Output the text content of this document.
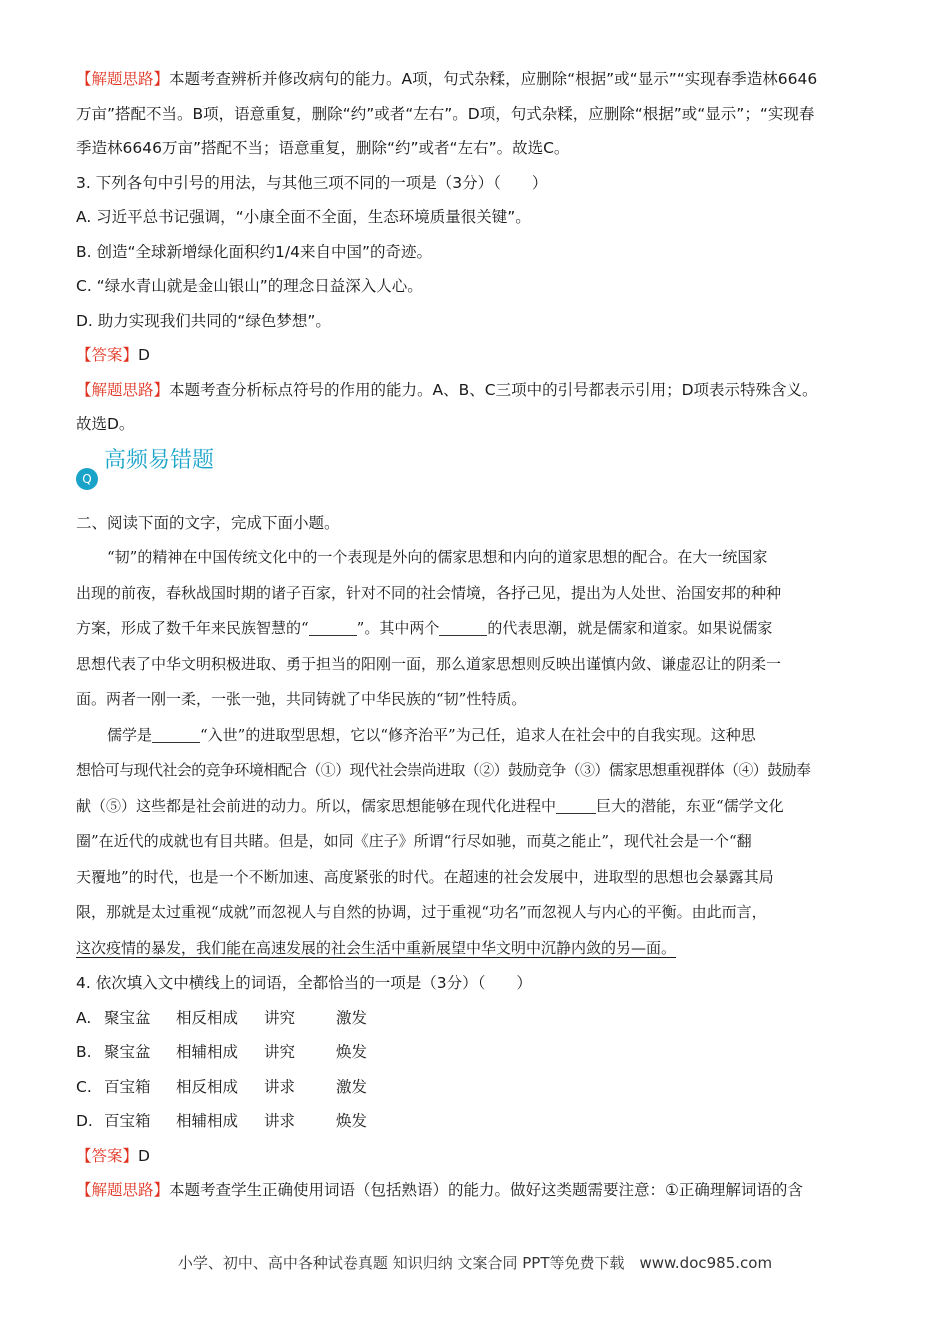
【解题思路】本题考查辨析并修改病句的能力。A项，句式杂糅，应删除“根据”或“显示”“实现春季造林6646

万亩”搭配不当。B项，语意重复，删除“约”或者“左右”。D项，句式杂糅，应删除“根据”或“显示”；“实现春

季造林6646万亩”搭配不当；语意重复，删除“约”或者“左右”。故选C。

3. 下列各句中引号的用法，与其他三项不同的一项是（3分）（　　）

A. 习近平总书记强调，“小康全面不全面，生态环境质量很关键”。

B. 创造“全球新增绿化面积约1/4来自中国”的奇迹。

C. “绿水青山就是金山银山”的理念日益深入人心。

D. 助力实现我们共同的“绿色梦想”。

【答案】D

【解题思路】本题考查分析标点符号的作用的能力。A、B、C三项中的引号都表示引用；D项表示特殊含义。

故选D。

Q
高频易错题

二、阅读下面的文字，完成下面小题。

“韧”的精神在中国传统文化中的一个表现是外向的儒家思想和内向的道家思想的配合。在大一统国家
出现的前夜，春秋战国时期的诸子百家，针对不同的社会情境，各抒己见，提出为人处世、治国安邦的种种
方案，形成了数千年来民族智慧的“	”。其中两个	的代表思潮，就是儒家和道家。如果说儒家
思想代表了中华文明积极进取、勇于担当的阳刚一面，那么道家思想则反映出谨慎内敛、谦虚忍让的阴柔一
面。两者一刚一柔，一张一弛，共同铸就了中华民族的“韧”性特质。
儒学是	“入世”的进取型思想，它以“修齐治平”为己任，追求人在社会中的自我实现。这种思
想恰可与现代社会的竞争环境相配合（①）现代社会崇尚进取（②）鼓励竞争（③）儒家思想重视群体（④）鼓励奉
献（⑤）这些都是社会前进的动力。所以，儒家思想能够在现代化进程中	巨大的潜能，东亚“儒学文化
圈”在近代的成就也有目共睹。但是，如同《庄子》所谓“行尽如驰，而莫之能止”，现代社会是一个“翻
天覆地”的时代，也是一个不断加速、高度紧张的时代。在超速的社会发展中，进取型的思想也会暴露其局
限，那就是太过重视“成就”而忽视人与自然的协调，过于重视“功名”而忽视人与内心的平衡。由此而言，
这次疫情的暴发，我们能在高速发展的社会生活中重新展望中华文明中沉静内敛的另—面。

4. 依次填入文中横线上的词语，全都恰当的一项是（3分）（　　）

A. 聚宝盆	相反相成	讲究	激发
B. 聚宝盆	相辅相成	讲究	焕发
C. 百宝箱	相反相成	讲求	激发
D. 百宝箱	相辅相成	讲求	焕发

【答案】D

【解题思路】本题考查学生正确使用词语（包括熟语）的能力。做好这类题需要注意：①正确理解词语的含

小学、初中、高中各种试卷真题 知识归纳 文案合同 PPT等免费下载　www.doc985.com
